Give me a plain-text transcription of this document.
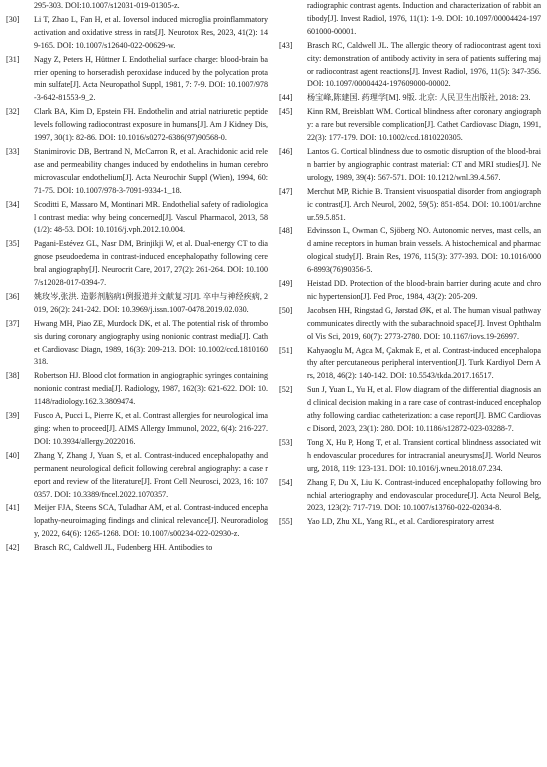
295-303. DOI:10.1007/s12031-019-01305-z.
[30]	Li T, Zhao L, Fan H, et al. Ioversol induced microglia proinflammatory activation and oxidative stress in rats[J]. Neurotox Res, 2023, 41(2): 149-165. DOI: 10.1007/s12640-022-00629-w.
[31]	Nagy Z, Peters H, Hüttner I. Endothelial surface charge: blood-brain barrier opening to horseradish peroxidase induced by the polycation protamin sulfate[J]. Acta Neuropathol Suppl, 1981, 7: 7-9. DOI: 10.1007/978-3-642-81553-9_2.
[32]	Clark BA, Kim D, Epstein FH. Endothelin and atrial natriuretic peptide levels following radiocontrast exposure in humans[J]. Am J Kidney Dis, 1997, 30(1): 82-86. DOI: 10.1016/s0272-6386(97)90568-0.
[33]	Stanimirovic DB, Bertrand N, McCarron R, et al. Arachidonic acid release and permeability changes induced by endothelins in human cerebromicrovascular endothelium[J]. Acta Neurochir Suppl (Wien), 1994, 60: 71-75. DOI: 10.1007/978-3-7091-9334-1_18.
[34]	Scoditti E, Massaro M, Montinari MR. Endothelial safety of radiological contrast media: why being concerned[J]. Vascul Pharmacol, 2013, 58(1/2): 48-53. DOI: 10.1016/j.vph.2012.10.004.
[35]	Pagani-Estévez GL, Nasr DM, Brinjikji W, et al. Dual-energy CT to diagnose pseudoedema in contrast-induced encephalopathy following cerebral angiography[J]. Neurocrit Care, 2017, 27(2): 261-264. DOI: 10.1007/s12028-017-0394-7.
[36]	姚玫岑,张洪. 造影剂脑病1例报道并文献复习[J]. 卒中与神经疾病, 2019, 26(2): 241-242. DOI: 10.3969/j.issn.1007-0478.2019.02.030.
[37]	Hwang MH, Piao ZE, Murdock DK, et al. The potential risk of thrombosis during coronary angiography using nonionic contrast media[J]. Cathet Cardiovasc Diagn, 1989, 16(3): 209-213. DOI: 10.1002/ccd.1810160318.
[38]	Robertson HJ. Blood clot formation in angiographic syringes containing nonionic contrast media[J]. Radiology, 1987, 162(3): 621-622. DOI: 10.1148/radiology.162.3.3809474.
[39]	Fusco A, Pucci L, Pierre K, et al. Contrast allergies for neurological imaging: when to proceed[J]. AIMS Allergy Immunol, 2022, 6(4): 216-227. DOI: 10.3934/allergy.2022016.
[40]	Zhang Y, Zhang J, Yuan S, et al. Contrast-induced encephalopathy and permanent neurological deficit following cerebral angiography: a case report and review of the literature[J]. Front Cell Neurosci, 2023, 16: 1070357. DOI: 10.3389/fncel.2022.1070357.
[41]	Meijer FJA, Steens SCA, Tuladhar AM, et al. Contrast-induced encephalopathy-neuroimaging findings and clinical relevance[J]. Neuroradiology, 2022, 64(6): 1265-1268. DOI: 10.1007/s00234-022-02930-z.
[42]	Brasch RC, Caldwell JL, Fudenberg HH. Antibodies to
radiographic contrast agents. Induction and characterization of rabbit antibody[J]. Invest Radiol, 1976, 11(1): 1-9. DOI: 10.1097/00004424-197601000-00001.
[43]	Brasch RC, Caldwell JL. The allergic theory of radiocontrast agent toxicity: demonstration of antibody activity in sera of patients suffering major radiocontrast agent reactions[J]. Invest Radiol, 1976, 11(5): 347-356. DOI: 10.1097/00004424-197609000-00002.
[44]	杨宝峰,陈建国. 药理学[M]. 9版. 北京: 人民卫生出版社, 2018: 23.
[45]	Kinn RM, Breisblatt WM. Cortical blindness after coronary angiography: a rare but reversible complication[J]. Cathet Cardiovasc Diagn, 1991, 22(3): 177-179. DOI: 10.1002/ccd.1810220305.
[46]	Lantos G. Cortical blindness due to osmotic disruption of the blood-brain barrier by angiographic contrast material: CT and MRI studies[J]. Neurology, 1989, 39(4): 567-571. DOI: 10.1212/wnl.39.4.567.
[47]	Merchut MP, Richie B. Transient visuospatial disorder from angiographic contrast[J]. Arch Neurol, 2002, 59(5): 851-854. DOI: 10.1001/archneur.59.5.851.
[48]	Edvinsson L, Owman C, Sjöberg NO. Autonomic nerves, mast cells, and amine receptors in human brain vessels. A histochemical and pharmacological study[J]. Brain Res, 1976, 115(3): 377-393. DOI: 10.1016/0006-8993(76)90356-5.
[49]	Heistad DD. Protection of the blood-brain barrier during acute and chronic hypertension[J]. Fed Proc, 1984, 43(2): 205-209.
[50]	Jacobsen HH, Ringstad G, Jørstad ØK, et al. The human visual pathway communicates directly with the subarachnoid space[J]. Invest Ophthalmol Vis Sci, 2019, 60(7): 2773-2780. DOI: 10.1167/iovs.19-26997.
[51]	Kahyaoglu M, Agca M, Çakmak E, et al. Contrast-induced encephalopathy after percutaneous peripheral intervention[J]. Turk Kardiyol Dern Ars, 2018, 46(2): 140-142. DOI: 10.5543/tkda.2017.16517.
[52]	Sun J, Yuan L, Yu H, et al. Flow diagram of the differential diagnosis and clinical decision making in a rare case of contrast-induced encephalopathy following cardiac catheterization: a case report[J]. BMC Cardiovasc Disord, 2023, 23(1): 280. DOI: 10.1186/s12872-023-03288-7.
[53]	Tong X, Hu P, Hong T, et al. Transient cortical blindness associated with endovascular procedures for intracranial aneurysms[J]. World Neurosurg, 2018, 119: 123-131. DOI: 10.1016/j.wneu.2018.07.234.
[54]	Zhang F, Du X, Liu K. Contrast-induced encephalopathy following bronchial arteriography and endovascular procedure[J]. Acta Neurol Belg, 2023, 123(2): 717-719. DOI: 10.1007/s13760-022-02034-8.
[55]	Yao LD, Zhu XL, Yang RL, et al. Cardiorespiratory arrest
